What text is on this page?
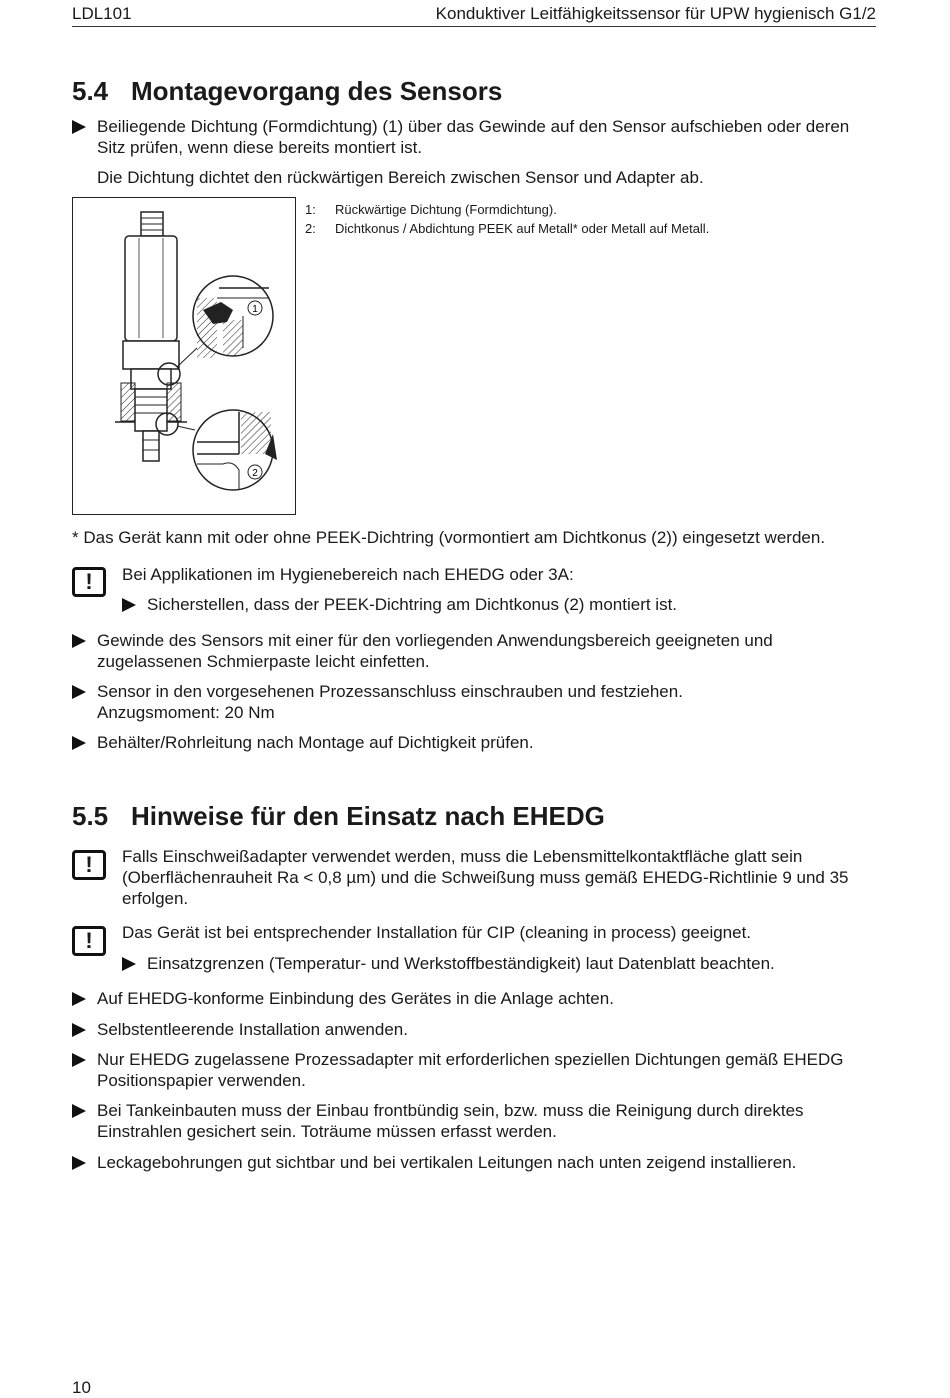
LDL101	Konduktiver Leitfähigkeitssensor für UPW hygienisch G1/2
5.4 Montagevorgang des Sensors
Beiliegende Dichtung (Formdichtung) (1) über das Gewinde auf den Sensor aufschieben oder deren Sitz prüfen, wenn diese bereits montiert ist.
Die Dichtung dichtet den rückwärtigen Bereich zwischen Sensor und Adapter ab.
1
2
1: Rückwärtige Dichtung (Formdichtung).
2: Dichtkonus / Abdichtung PEEK auf Metall* oder Metall auf Metall.
* Das Gerät kann mit oder ohne PEEK-Dichtring (vormontiert am Dichtkonus (2)) eingesetzt werden.
!	Bei Applikationen im Hygienebereich nach EHEDG oder 3A:
Sicherstellen, dass der PEEK-Dichtring am Dichtkonus (2) montiert ist.
Gewinde des Sensors mit einer für den vorliegenden Anwendungsbereich geeigneten und zugelassenen Schmierpaste leicht einfetten.
Sensor in den vorgesehenen Prozessanschluss einschrauben und festziehen.
Anzugsmoment: 20 Nm
Behälter/Rohrleitung nach Montage auf Dichtigkeit prüfen.
5.5 Hinweise für den Einsatz nach EHEDG
!	Falls Einschweißadapter verwendet werden, muss die Lebensmittelkontaktfläche glatt sein (Oberflächenrauheit Ra < 0,8 µm) und die Schweißung muss gemäß EHEDG-Richtlinie 9 und 35 erfolgen.
!	Das Gerät ist bei entsprechender Installation für CIP (cleaning in process) geeignet.
Einsatzgrenzen (Temperatur- und Werkstoffbeständigkeit) laut Datenblatt beachten.
Auf EHEDG-konforme Einbindung des Gerätes in die Anlage achten.
Selbstentleerende Installation anwenden.
Nur EHEDG zugelassene Prozessadapter mit erforderlichen speziellen Dichtungen gemäß EHEDG Positionspapier verwenden.
Bei Tankeinbauten muss der Einbau frontbündig sein, bzw. muss die Reinigung durch direktes Einstrahlen gesichert sein. Toträume müssen erfasst werden.
Leckagebohrungen gut sichtbar und bei vertikalen Leitungen nach unten zeigend installieren.
10
